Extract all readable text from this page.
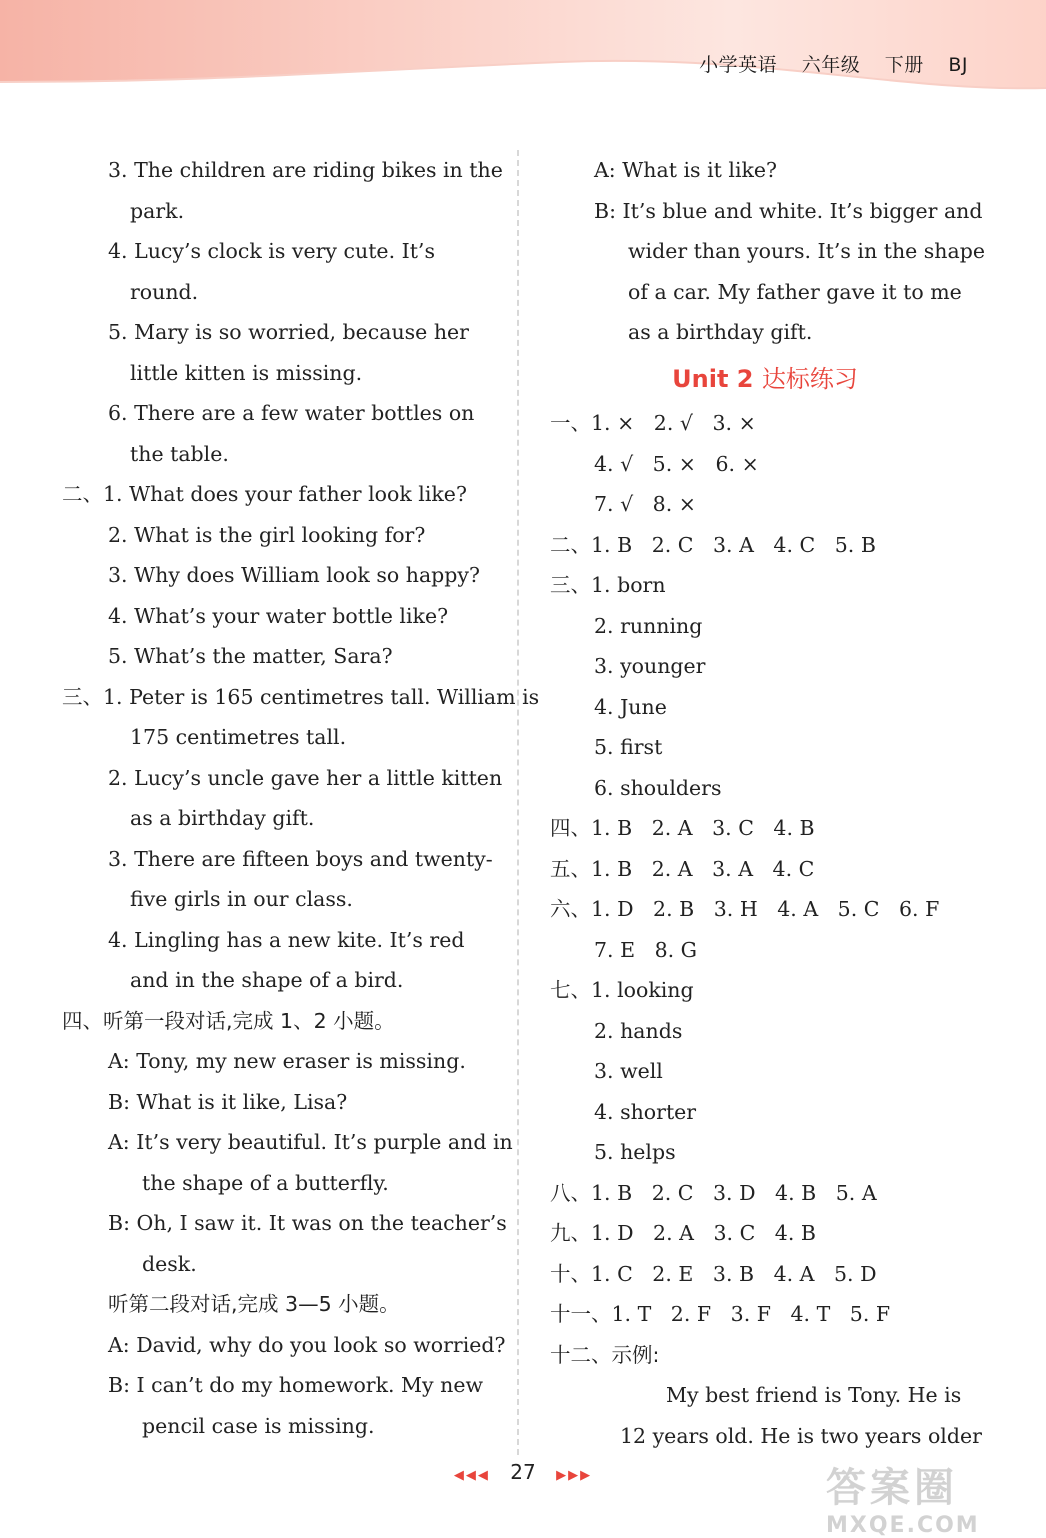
小学英语 六年级 下册 BJ
3. The children are riding bikes in the
park.
4. Lucy’s clock is very cute. It’s
round.
5. Mary is so worried, because her
little kitten is missing.
6. There are a few water bottles on
the table.
二、1. What does your father look like?
2. What is the girl looking for?
3. Why does William look so happy?
4. What’s your water bottle like?
5. What’s the matter, Sara?
三、1. Peter is 165 centimetres tall. William is
175 centimetres tall.
2. Lucy’s uncle gave her a little kitten
as a birthday gift.
3. There are fifteen boys and twenty-
five girls in our class.
4. Lingling has a new kite. It’s red
and in the shape of a bird.
四、听第一段对话,完成 1、2 小题。
A: Tony, my new eraser is missing.
B: What is it like, Lisa?
A: It’s very beautiful. It’s purple and in
the shape of a butterfly.
B: Oh, I saw it. It was on the teacher’s
desk.
听第二段对话,完成 3—5 小题。
A: David, why do you look so worried?
B: I can’t do my homework. My new
pencil case is missing.
A: What is it like?
B: It’s blue and white. It’s bigger and
wider than yours. It’s in the shape
of a car. My father gave it to me
as a birthday gift.
Unit 2 达标练习
一、1. ×   2. √   3. ×
4. √   5. ×   6. ×
7. √   8. ×
二、1. B   2. C   3. A   4. C   5. B
三、1. born
2. running
3. younger
4. June
5. first
6. shoulders
四、1. B   2. A   3. C   4. B
五、1. B   2. A   3. A   4. C
六、1. D   2. B   3. H   4. A   5. C   6. F
7. E   8. G
七、1. looking
2. hands
3. well
4. shorter
5. helps
八、1. B   2. C   3. D   4. B   5. A
九、1. D   2. A   3. C   4. B
十、1. C   2. E   3. B   4. A   5. D
十一、1. T   2. F   3. F   4. T   5. F
十二、示例:
My best friend is Tony. He is
12 years old. He is two years older
◀◀◀ 27 ▶▶▶	答案圈
MXQE.COM
